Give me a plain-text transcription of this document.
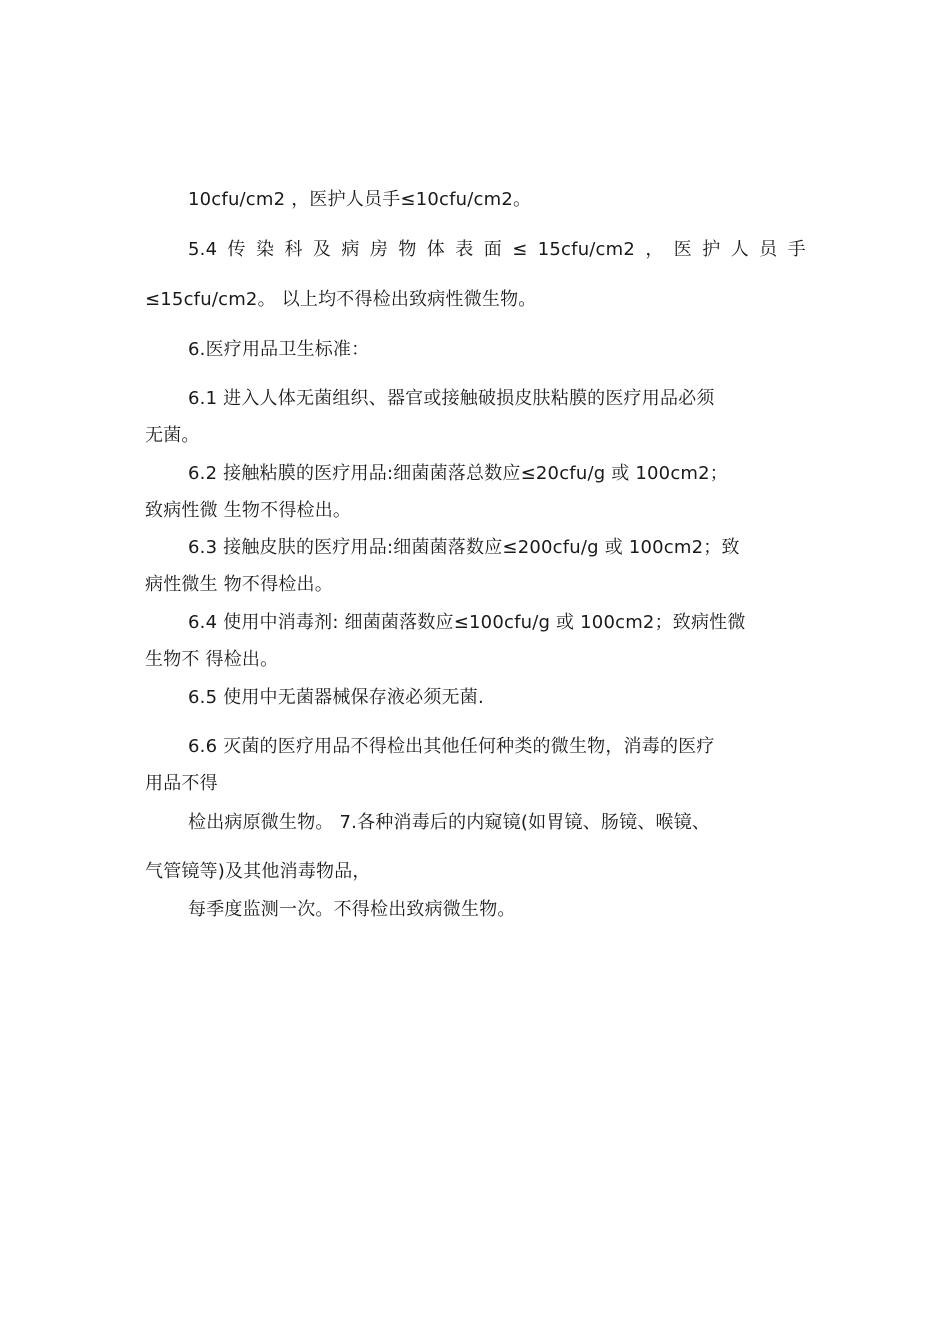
10cfu/cm2 ，医护人员手≤10cfu/cm2。
5.4 传 染 科 及 病 房 物 体 表 面 ≤ 15cfu/cm2 ， 医 护 人 员 手
≤15cfu/cm2。 以上均不得检出致病性微生物。
6.医疗用品卫生标准：
6.1 进入人体无菌组织、器官或接触破损皮肤粘膜的医疗用品必须
无菌。
6.2 接触粘膜的医疗用品:细菌菌落总数应≤20cfu/g 或 100cm2；
致病性微 生物不得检出。
6.3 接触皮肤的医疗用品:细菌菌落数应≤200cfu/g 或 100cm2；致
病性微生 物不得检出。
6.4 使用中消毒剂: 细菌菌落数应≤100cfu/g 或 100cm2；致病性微
生物不 得检出。
6.5 使用中无菌器械保存液必须无菌.
6.6 灭菌的医疗用品不得检出其他任何种类的微生物，消毒的医疗
用品不得
检出病原微生物。 7.各种消毒后的内窥镜(如胃镜、肠镜、喉镜、
气管镜等)及其他消毒物品，
每季度监测一次。不得检出致病微生物。
